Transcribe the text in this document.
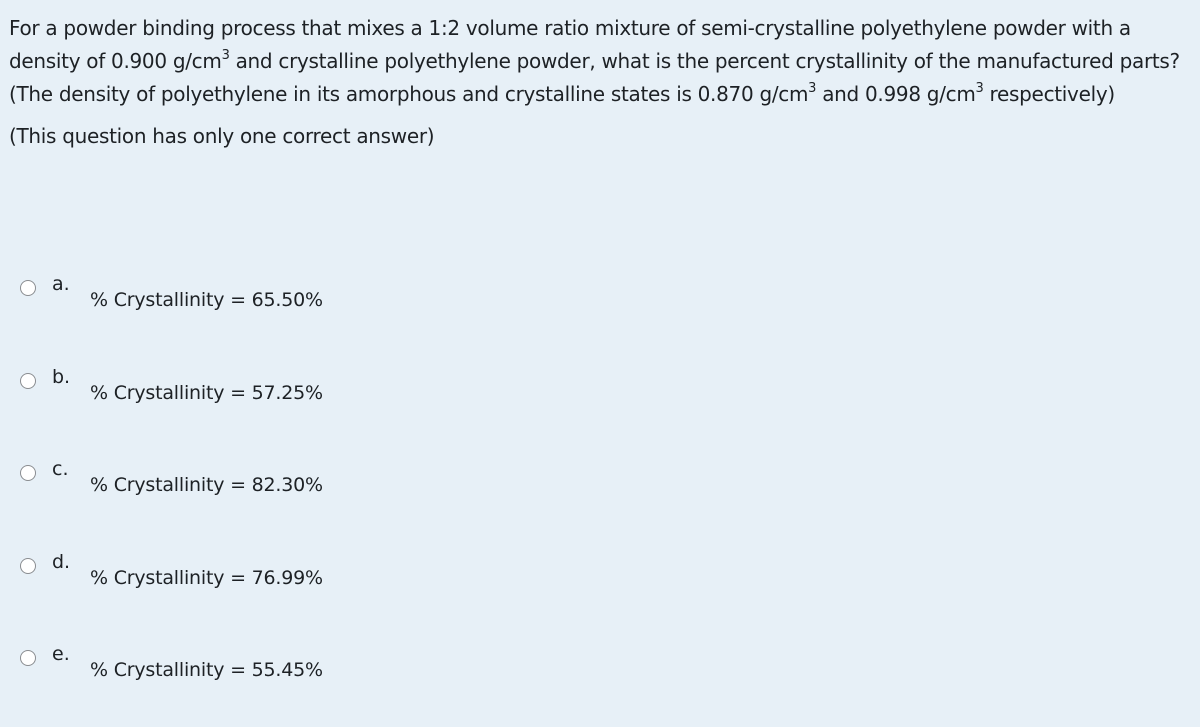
For a powder binding process that mixes a 1:2 volume ratio mixture of semi-crystalline polyethylene powder with a density of 0.900 $g/cm^3$ and crystalline polyethylene powder, what is the percent crystallinity of the manufactured parts? (The density of polyethylene in its amorphous and crystalline states is 0.870 $g/cm^3$ and 0.998 $g/cm^3$ respectively)

(This question has only one correct answer)
a.
% Crystallinity = 65.50%
b.
% Crystallinity = 57.25%
c.
% Crystallinity = 82.30%
d.
% Crystallinity = 76.99%
e.
% Crystallinity = 55.45%
